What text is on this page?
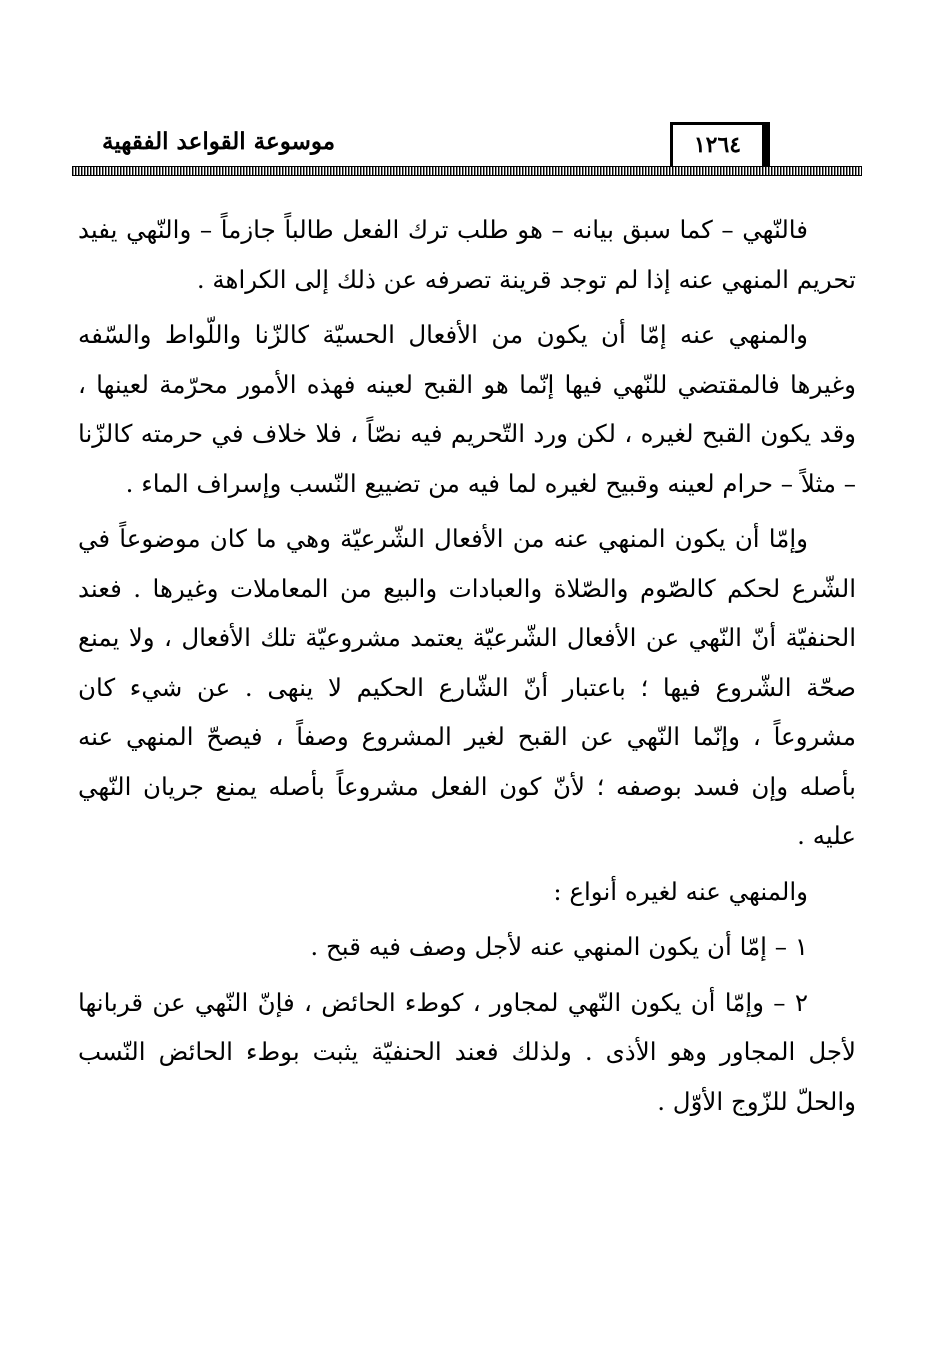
موسوعة القواعد الفقهية	١٢٦٤

فالنّهي – كما سبق بيانه – هو طلب ترك الفعل طالباً جازماً – والنّهي يفيد تحريم المنهي عنه إذا لم توجد قرينة تصرفه عن ذلك إلى الكراهة .

والمنهي عنه إمّا أن يكون من الأفعال الحسيّة كالزّنا واللّواط والسّفه وغيرها فالمقتضي للنّهي فيها إنّما هو القبح لعينه فهذه الأمور محرّمة لعينها ، وقد يكون القبح لغيره ، لكن ورد التّحريم فيه نصّاً ، فلا خلاف في حرمته كالزّنا – مثلاً – حرام لعينه وقبيح لغيره لما فيه من تضييع النّسب وإسراف الماء .

وإمّا أن يكون المنهي عنه من الأفعال الشّرعيّة وهي ما كان موضوعاً في الشّرع لحكم كالصّوم والصّلاة والعبادات والبيع من المعاملات وغيرها . فعند الحنفيّة أنّ النّهي عن الأفعال الشّرعيّة يعتمد مشروعيّة تلك الأفعال ، ولا يمنع صحّة الشّروع فيها ؛ باعتبار أنّ الشّارع الحكيم لا ينهى . عن شيء كان مشروعاً ، وإنّما النّهي عن القبح لغير المشروع وصفاً ، فيصحّ المنهي عنه بأصله وإن فسد بوصفه ؛ لأنّ كون الفعل مشروعاً بأصله يمنع جريان النّهي عليه .

والمنهي عنه لغيره أنواع :

١ – إمّا أن يكون المنهي عنه لأجل وصف فيه قبح .

٢ – وإمّا أن يكون النّهي لمجاور ، كوطء الحائض ، فإنّ النّهي عن قربانها لأجل المجاور وهو الأذى . ولذلك فعند الحنفيّة يثبت بوطء الحائض النّسب والحلّ للزّوج الأوّل .
